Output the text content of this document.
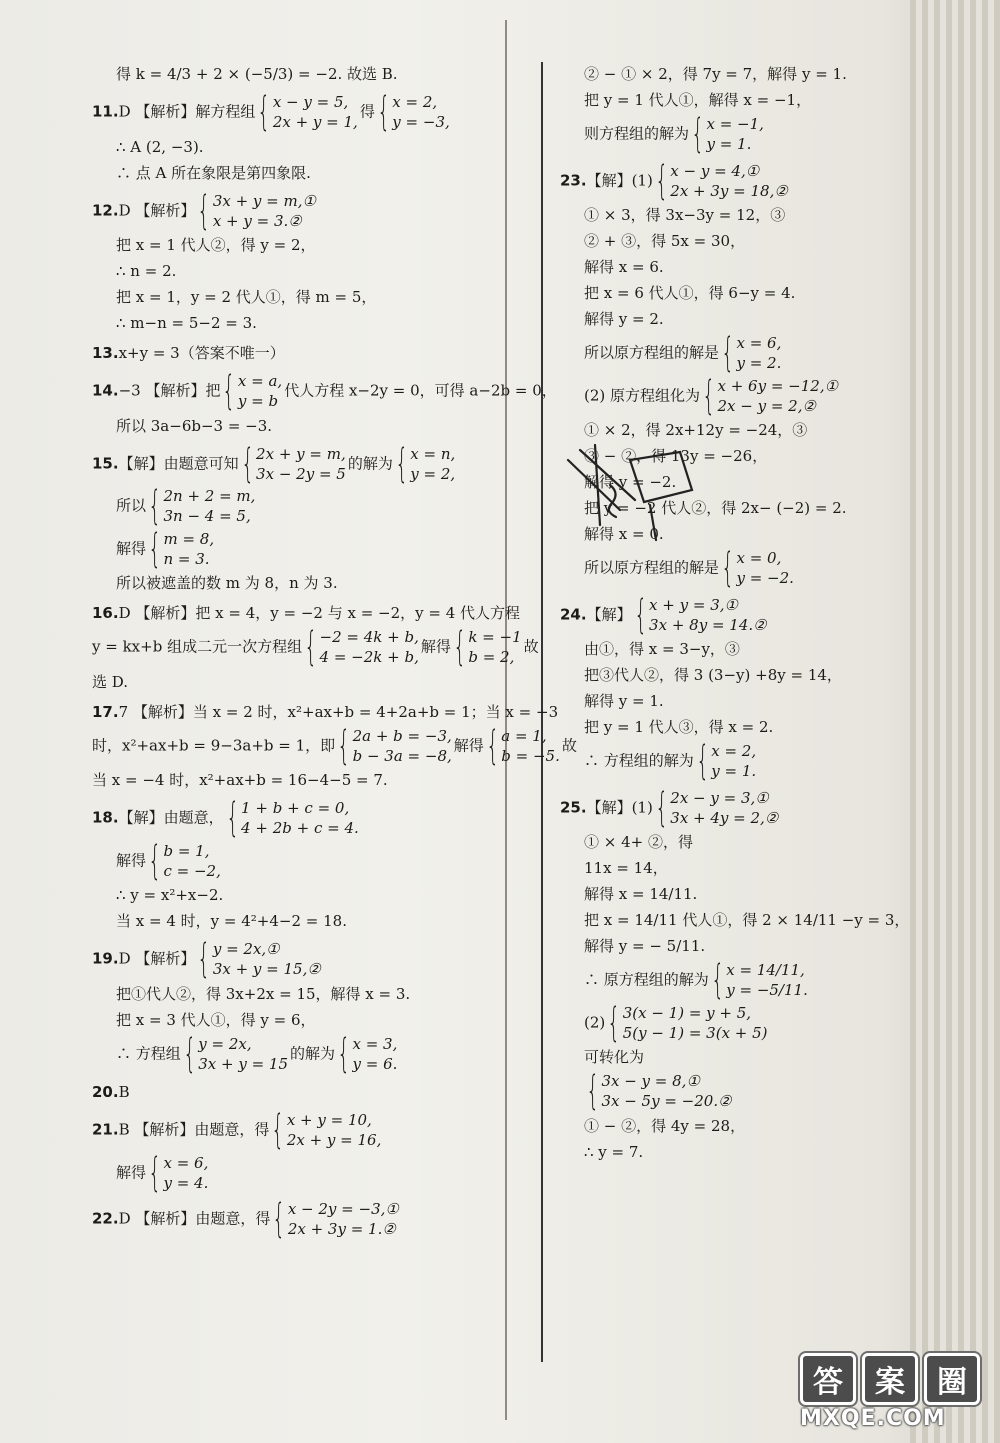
得 k = 4/3 + 2 × (−5/3) = −2. 故选 B.
11.D 【解析】解方程组 { x − y = 5,
2x + y = 1,
得 { x = 2,
y = −3,
∴ A (2, −3).
∴ 点 A 所在象限是第四象限.
12.D 【解析】 { 3x + y = m,①
x + y = 3.②
把 x = 1 代人②，得 y = 2，
∴ n = 2.
把 x = 1，y = 2 代人①，得 m = 5，
∴ m−n = 5−2 = 3.
13.x+y = 3（答案不唯一）
14.−3 【解析】把 { x = a,
y = b
代人方程 x−2y = 0，可得 a−2b = 0，
所以 3a−6b−3 = −3.
15.【解】由题意可知 { 2x + y = m,
3x − 2y = 5
的解为 { x = n,
y = 2,
所以 { 2n + 2 = m,
3n − 4 = 5,
解得 { m = 8,
n = 3.
所以被遮盖的数 m 为 8，n 为 3.
16.D 【解析】把 x = 4，y = −2 与 x = −2，y = 4 代人方程
y = kx+b 组成二元一次方程组 { −2 = 4k + b,
4 = −2k + b,
解得 { k = −1
b = 2,
故
选 D.
17.7 【解析】当 x = 2 时，x²+ax+b = 4+2a+b = 1；当 x = −3
时，x²+ax+b = 9−3a+b = 1，即 { 2a + b = −3,
b − 3a = −8,
解得 { a = 1,
b = −5.
故
当 x = −4 时，x²+ax+b = 16−4−5 = 7.
18.【解】由题意， { 1 + b + c = 0,
4 + 2b + c = 4.
解得 { b = 1,
c = −2,
∴ y = x²+x−2.
当 x = 4 时，y = 4²+4−2 = 18.
19.D 【解析】 { y = 2x,①
3x + y = 15,②
把①代人②，得 3x+2x = 15，解得 x = 3.
把 x = 3 代人①，得 y = 6，
∴ 方程组 { y = 2x,
3x + y = 15
的解为 { x = 3,
y = 6.
20.B
21.B 【解析】由题意，得 { x + y = 10,
2x + y = 16,
解得 { x = 6,
y = 4.
22.D 【解析】由题意，得 { x − 2y = −3,①
2x + 3y = 1.②
② − ① × 2，得 7y = 7，解得 y = 1.
把 y = 1 代人①，解得 x = −1，
则方程组的解为 { x = −1,
y = 1.
23.【解】(1) { x − y = 4,①
2x + 3y = 18,②
① × 3，得 3x−3y = 12，③
② + ③，得 5x = 30，
解得 x = 6.
把 x = 6 代人①，得 6−y = 4.
解得 y = 2.
所以原方程组的解是 { x = 6,
y = 2.
(2) 原方程组化为 { x + 6y = −12,①
2x − y = 2,②
① × 2，得 2x+12y = −24，③
③ − ②，得 13y = −26，
解得 y = −2.
把 y = −2 代人②，得 2x− (−2) = 2.
解得 x = 0.
所以原方程组的解是 { x = 0,
y = −2.
24.【解】 { x + y = 3,①
3x + 8y = 14.②
由①，得 x = 3−y，③
把③代人②，得 3 (3−y) +8y = 14，
解得 y = 1.
把 y = 1 代人③，得 x = 2.
∴ 方程组的解为 { x = 2,
y = 1.
25.【解】(1) { 2x − y = 3,①
3x + 4y = 2,②
① × 4+ ②，得
11x = 14，
解得 x = 14/11.
把 x = 14/11 代人①，得 2 × 14/11 −y = 3，
解得 y = − 5/11.
∴ 原方程组的解为 { x = 14/11,
y = −5/11.
(2) { 3(x − 1) = y + 5,
5(y − 1) = 3(x + 5)
可转化为
{ 3x − y = 8,①
3x − 5y = −20.②
① − ②，得 4y = 28，
∴ y = 7.
答	案	圈
MXQE.COM
